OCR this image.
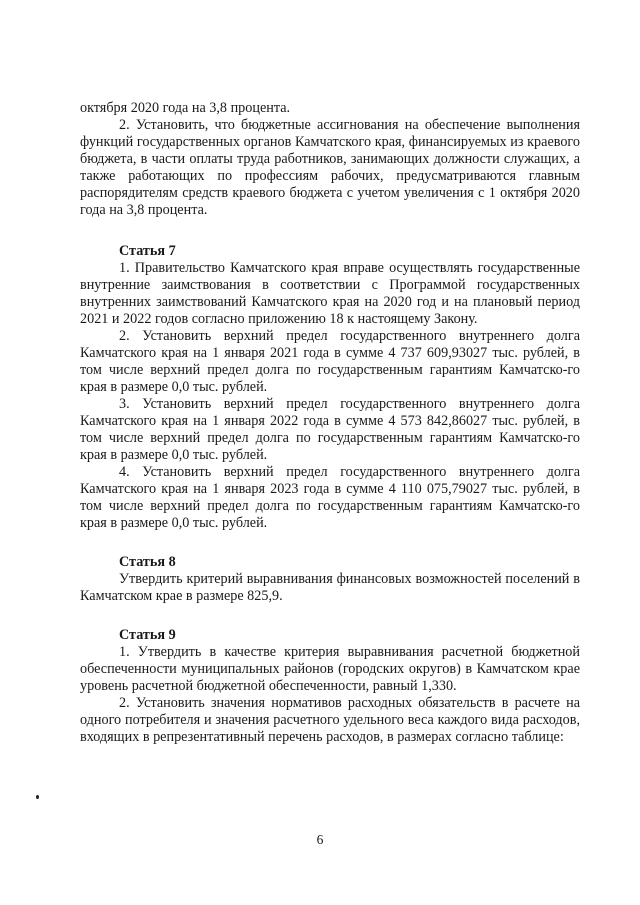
октября 2020 года на 3,8 процента.

2. Установить, что бюджетные ассигнования на обеспечение выполнения функций государственных органов Камчатского края, финансируемых из краевого бюджета, в части оплаты труда работников, занимающих должности служащих, а также работающих по профессиям рабочих, предусматриваются главным распорядителям средств краевого бюджета с учетом увеличения с 1 октября 2020 года на 3,8 процента.

Статья 7

1. Правительство Камчатского края вправе осуществлять государственные внутренние заимствования в соответствии с Программой государственных внутренних заимствований Камчатского края на 2020 год и на плановый период 2021 и 2022 годов согласно приложению 18 к настоящему Закону.

2. Установить верхний предел государственного внутреннего долга Камчатского края на 1 января 2021 года в сумме 4 737 609,93027 тыс. рублей, в том числе верхний предел долга по государственным гарантиям Камчатско-го края в размере 0,0 тыс. рублей.

3. Установить верхний предел государственного внутреннего долга Камчатского края на 1 января 2022 года в сумме 4 573 842,86027 тыс. рублей, в том числе верхний предел долга по государственным гарантиям Камчатско-го края в размере 0,0 тыс. рублей.

4. Установить верхний предел государственного внутреннего долга Камчатского края на 1 января 2023 года в сумме 4 110 075,79027 тыс. рублей, в том числе верхний предел долга по государственным гарантиям Камчатско-го края в размере 0,0 тыс. рублей.

Статья 8

Утвердить критерий выравнивания финансовых возможностей поселений в Камчатском крае в размере 825,9.

Статья 9

1. Утвердить в качестве критерия выравнивания расчетной бюджетной обеспеченности муниципальных районов (городских округов) в Камчатском крае уровень расчетной бюджетной обеспеченности, равный 1,330.

2. Установить значения нормативов расходных обязательств в расчете на одного потребителя и значения расчетного удельного веса каждого вида расходов, входящих в репрезентативный перечень расходов, в размерах согласно таблице:

6
